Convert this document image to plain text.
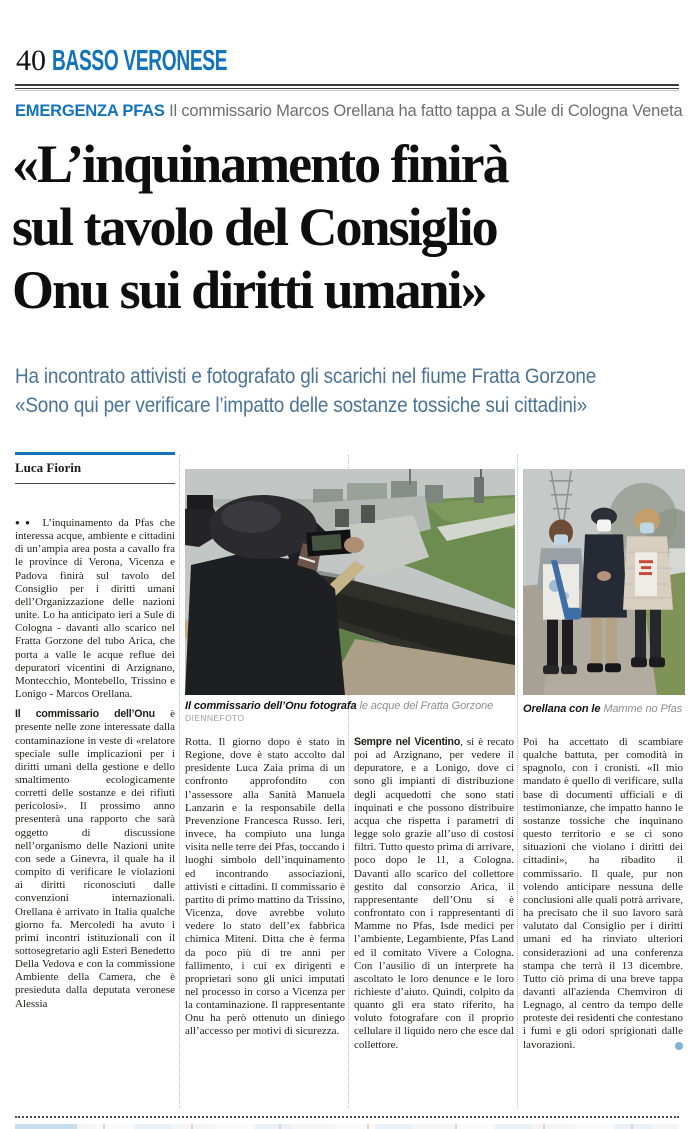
40 BASSO VERONESE
EMERGENZA PFAS Il commissario Marcos Orellana ha fatto tappa a Sule di Cologna Veneta
«L’inquinamento finirà
sul tavolo del Consiglio
Onu sui diritti umani»
Ha incontrato attivisti e fotografato gli scarichi nel fiume Fratta Gorzone
«Sono qui per verificare l’impatto delle sostanze tossiche sui cittadini»
Luca Fiorin
Il commissario dell’Onu fotografa le acque del Fratta Gorzone DIENNEFOTO
Orellana con le Mamme no Pfas

●● L’inquinamento da Pfas che interessa acque, ambiente e cittadini di un’ampia area posta a cavallo fra le province di Verona, Vicenza e Padova finirà sul tavolo del Consiglio per i diritti umani dell’Organizzazione delle nazioni unite. Lo ha anticipato ieri a Sule di Cologna - davanti allo scarico nel Fratta Gorzone del tubo Arica, che porta a valle le acque reflue dei depuratori vicentini di Arzignano, Montecchio, Montebello, Trissino e Lonigo - Marcos Orellana.

Il commissario dell’Onu è presente nelle zone interessate dalla contaminazione in veste di «relatore speciale sulle implicazioni per i diritti umani della gestione e dello smaltimento ecologicamente corretti delle sostanze e dei rifiuti pericolosi». Il prossimo anno presenterà una rapporto che sarà oggetto di discussione nell’organismo delle Nazioni unite con sede a Ginevra, il quale ha il compito di verificare le violazioni ai diritti riconosciuti dalle convenzioni internazionali. Orellana è arrivato in Italia qualche giorno fa. Mercoledì ha avuto i primi incontri istituzionali con il sottosegretario agli Esteri Benedetto Della Vedova e con la commissione Ambiente della Camera, che è presieduta dalla deputata veronese Alessia

Rotta. Il giorno dopo è stato in Regione, dove è stato accolto dal presidente Luca Zaia prima di un confronto approfondito con l’assessore alla Sanità Manuela Lanzarin e la responsabile della Prevenzione Francesca Russo. Ieri, invece, ha compiuto una lunga visita nelle terre dei Pfas, toccando i luoghi simbolo dell’inquinamento ed incontrando associazioni, attivisti e cittadini. Il commissario è partito di primo mattino da Trissino, Vicenza, dove avrebbe voluto vedere lo stato dell’ex fabbrica chimica Miteni. Ditta che è ferma da poco più di tre anni per fallimento, i cui ex dirigenti e proprietari sono gli unici imputati nel processo in corso a Vicenza per la contaminazione. Il rappresentante Onu ha però ottenuto un diniego all’accesso per motivi di sicurezza.

Sempre nel Vicentino, si è recato poi ad Arzignano, per vedere il depuratore, e a Lonigo, dove ci sono gli impianti di distribuzione degli acquedotti che sono stati inquinati e che possono distribuire acqua che rispetta i parametri di legge solo grazie all’uso di costosi filtri. Tutto questo prima di arrivare, poco dopo le 11, a Cologna. Davanti allo scarico del collettore gestito dal consorzio Arica, il rappresentante dell’Onu si è confrontato con i rappresentanti di Mamme no Pfas, Isde medici per l’ambiente, Legambiente, Pfas Land ed il comitato Vivere a Cologna. Con l’ausilio di un interprete ha ascoltato le loro denunce e le loro richieste d’aiuto. Quindi, colpito da quanto gli era stato riferito, ha voluto fotografare con il proprio cellulare il liquido nero che esce dal collettore.

Poi ha accettato di scambiare qualche battuta, per comodità in spagnolo, con i cronisti. «Il mio mandato è quello di verificare, sulla base di documenti ufficiali e di testimonianze, che impatto hanno le sostanze tossiche che inquinano questo territorio e se ci sono situazioni che violano i diritti dei cittadini», ha ribadito il commissario. Il quale, pur non volendo anticipare nessuna delle conclusioni alle quali potrà arrivare, ha precisato che il suo lavoro sarà valutato dal Consiglio per i diritti umani ed ha rinviato ulteriori considerazioni ad una conferenza stampa che terrà il 13 dicembre. Tutto ciò prima di una breve tappa davanti all'azienda Chemviron di Legnago, al centro da tempo delle proteste dei residenti che contestano i fumi e gli odori sprigionati dalle lavorazioni.
